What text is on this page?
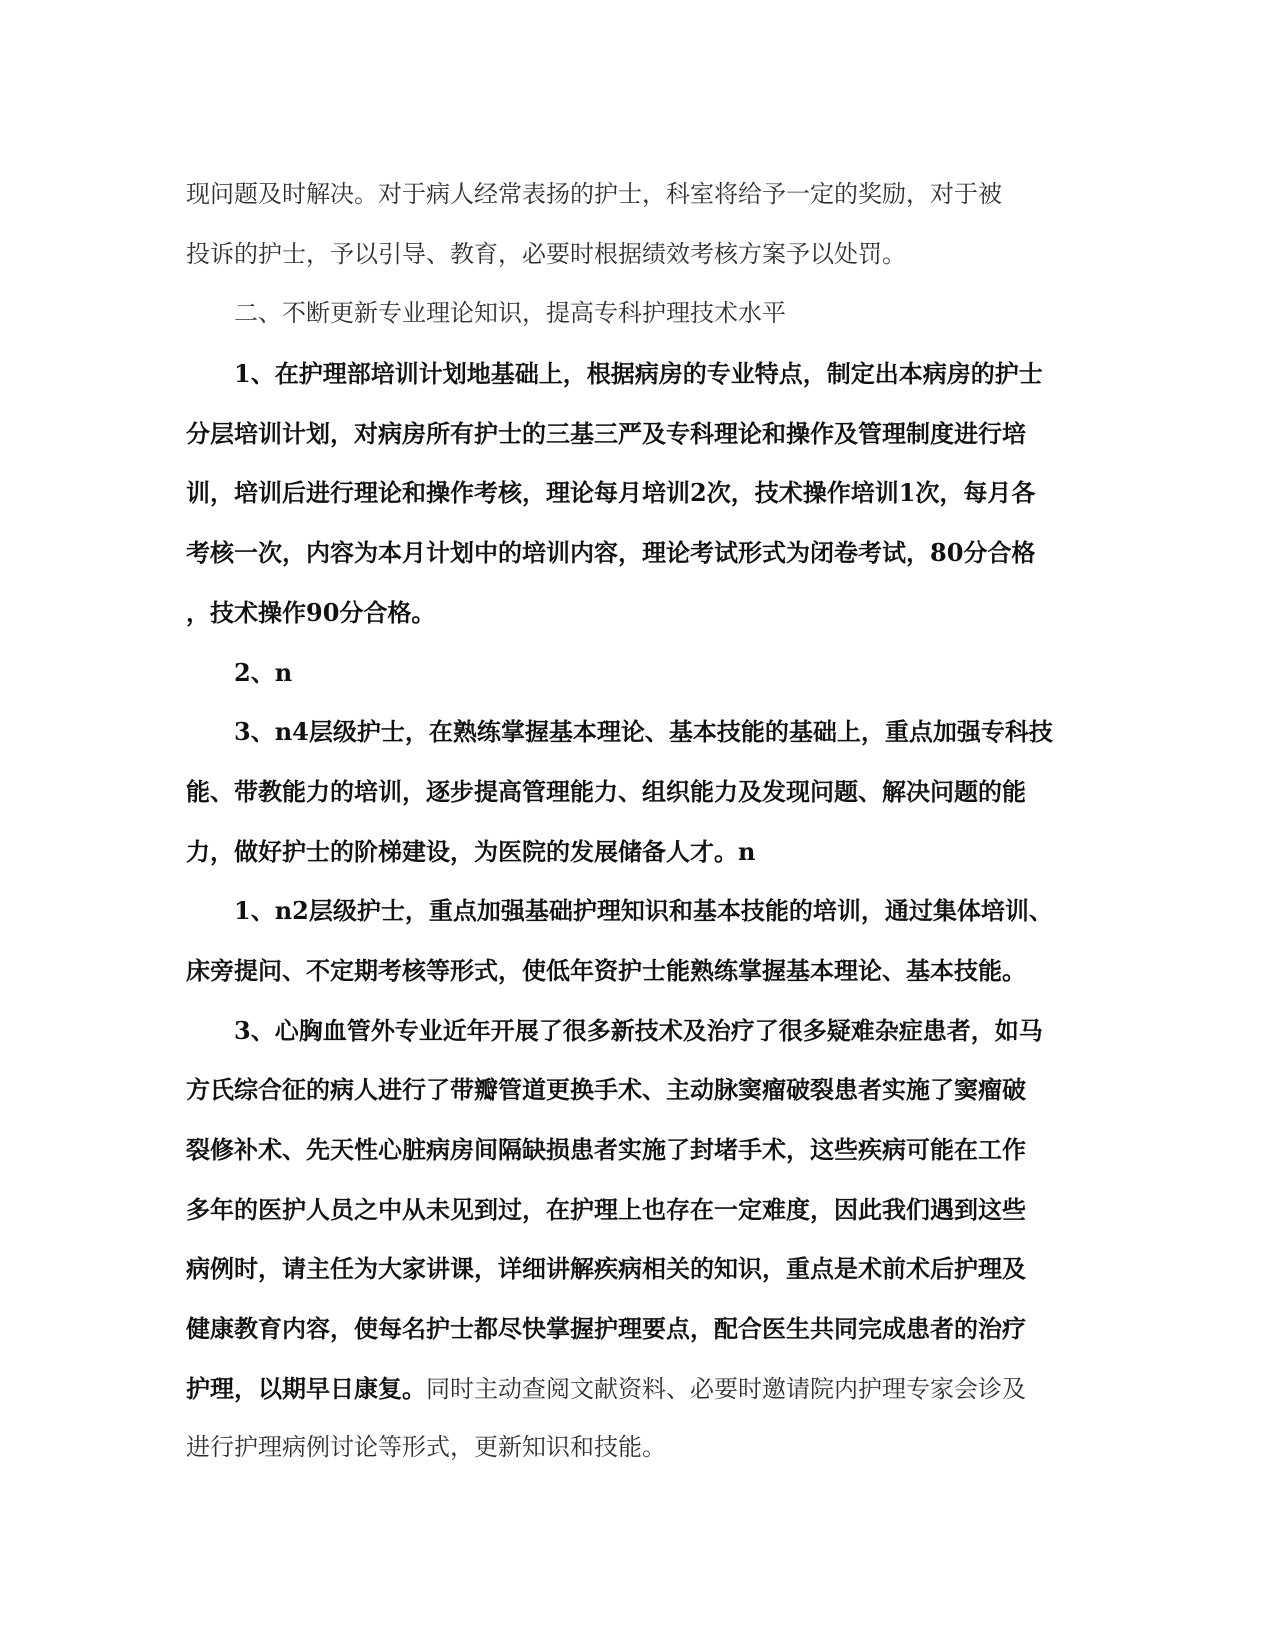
现问题及时解决。对于病人经常表扬的护士，科室将给予一定的奖励，对于被
投诉的护士，予以引导、教育，必要时根据绩效考核方案予以处罚。
二、不断更新专业理论知识，提高专科护理技术水平
1、在护理部培训计划地基础上，根据病房的专业特点，制定出本病房的护士
分层培训计划，对病房所有护士的三基三严及专科理论和操作及管理制度进行培
训，培训后进行理论和操作考核，理论每月培训2次，技术操作培训1次，每月各
考核一次，内容为本月计划中的培训内容，理论考试形式为闭卷考试，80分合格
，技术操作90分合格。
2、n
3、n4层级护士，在熟练掌握基本理论、基本技能的基础上，重点加强专科技
能、带教能力的培训，逐步提高管理能力、组织能力及发现问题、解决问题的能
力，做好护士的阶梯建设，为医院的发展储备人才。n
1、n2层级护士，重点加强基础护理知识和基本技能的培训，通过集体培训、
床旁提问、不定期考核等形式，使低年资护士能熟练掌握基本理论、基本技能。
3、心胸血管外专业近年开展了很多新技术及治疗了很多疑难杂症患者，如马
方氏综合征的病人进行了带瓣管道更换手术、主动脉窦瘤破裂患者实施了窦瘤破
裂修补术、先天性心脏病房间隔缺损患者实施了封堵手术，这些疾病可能在工作
多年的医护人员之中从未见到过，在护理上也存在一定难度，因此我们遇到这些
病例时，请主任为大家讲课，详细讲解疾病相关的知识，重点是术前术后护理及
健康教育内容，使每名护士都尽快掌握护理要点，配合医生共同完成患者的治疗
护理，以期早日康复。同时主动查阅文献资料、必要时邀请院内护理专家会诊及
进行护理病例讨论等形式，更新知识和技能。
